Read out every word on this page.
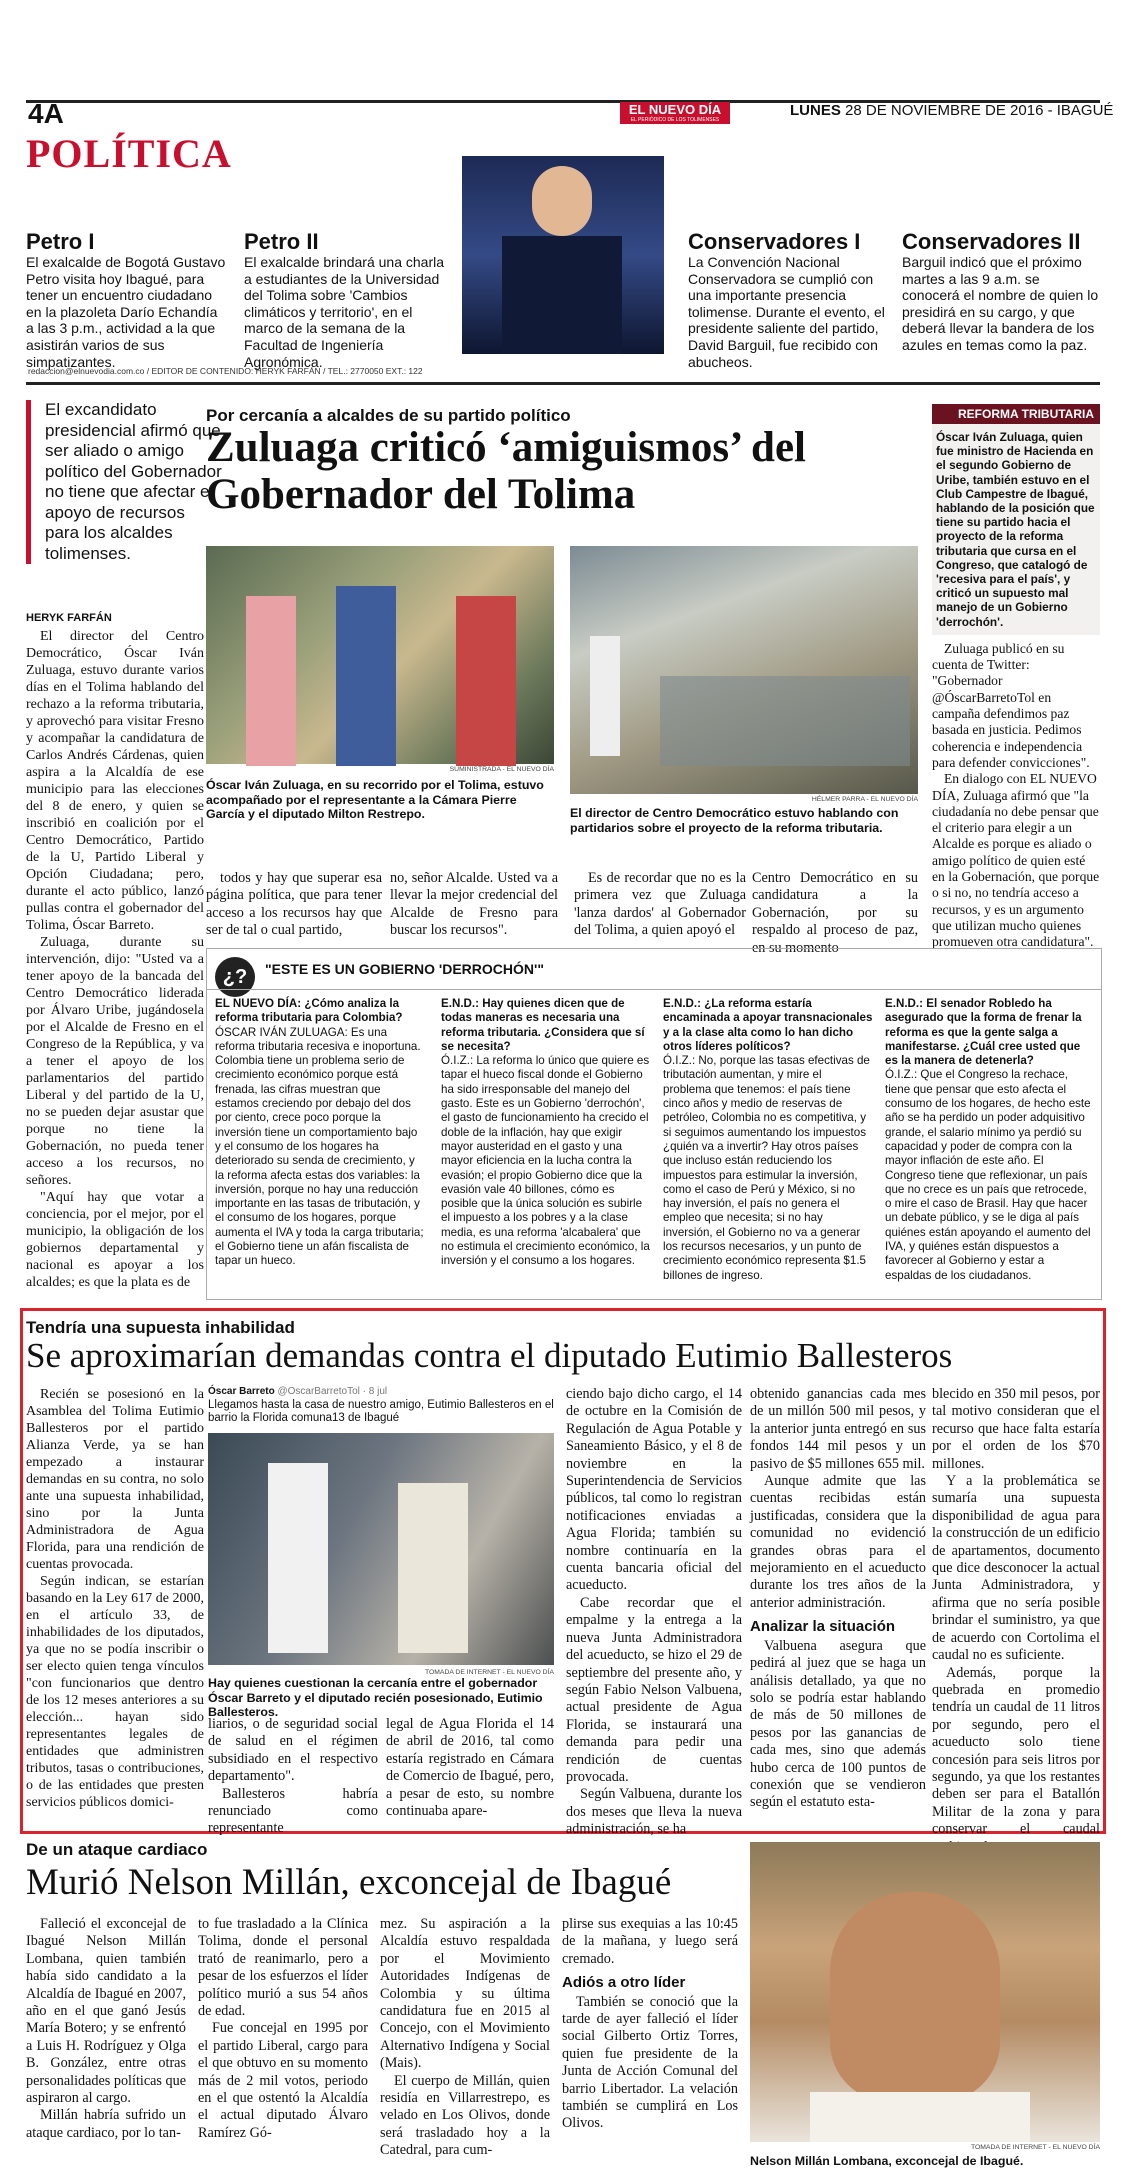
4A	EL NUEVO DÍA
EL PERIÓDICO DE LOS TOLIMENSES
LUNES 28 DE NOVIEMBRE DE 2016 - IBAGUÉ
POLÍTICA
Petro I
El exalcalde de Bogotá Gustavo Petro visita hoy Ibagué, para tener un encuentro ciudadano en la plazoleta Darío Echandía a las 3 p.m., actividad a la que asistirán varios de sus simpatizantes.
Petro II
El exalcalde brindará una charla a estudiantes de la Universidad del Tolima sobre 'Cambios climáticos y territorio', en el marco de la semana de la Facultad de Ingeniería Agronómica.
Conservadores I
La Convención Nacional Conservadora se cumplió con una importante presencia tolimense. Durante el evento, el presidente saliente del partido, David Barguil, fue recibido con abucheos.
Conservadores II
Barguil indicó que el próximo martes a las 9 a.m. se conocerá el nombre de quien lo presidirá en su cargo, y que deberá llevar la bandera de los azules en temas como la paz.
redaccion@elnuevodia.com.co / EDITOR DE CONTENIDO: HERYK FARFÁN / TEL.: 2770050 EXT.: 122
El excandidato presidencial afirmó que ser aliado o amigo político del Gobernador no tiene que afectar el apoyo de recursos para los alcaldes tolimenses.
Por cercanía a alcaldes de su partido político
Zuluaga criticó ‘amiguismos’ del Gobernador del Tolima
HERYK FARFÁN

El director del Centro Democrático, Óscar Iván Zuluaga, estuvo durante varios días en el Tolima hablando del rechazo a la reforma tributaria, y aprovechó para visitar Fresno y acompañar la candidatura de Carlos Andrés Cárdenas, quien aspira a la Alcaldía de ese municipio para las elecciones del 8 de enero, y quien se inscribió en coalición por el Centro Democrático, Partido de la U, Partido Liberal y Opción Ciudadana; pero, durante el acto público, lanzó pullas contra el gobernador del Tolima, Óscar Barreto.

Zuluaga, durante su intervención, dijo: "Usted va a tener apoyo de la bancada del Centro Democrático liderada por Álvaro Uribe, jugándosela por el Alcalde de Fresno en el Congreso de la República, y va a tener el apoyo de los parlamentarios del partido Liberal y del partido de la U, no se pueden dejar asustar que porque no tiene la Gobernación, no pueda tener acceso a los recursos, no señores.

"Aquí hay que votar a conciencia, por el mejor, por el municipio, la obligación de los gobiernos departamental y nacional es apoyar a los alcaldes; es que la plata es de

SUMINISTRADA - EL NUEVO DÍA
Óscar Iván Zuluaga, en su recorrido por el Tolima, estuvo acompañado por el representante a la Cámara Pierre García y el diputado Milton Restrepo.
HÉLMER PARRA - EL NUEVO DÍA
El director de Centro Democrático estuvo hablando con partidarios sobre el proyecto de la reforma tributaria.

todos y hay que superar esa página política, que para tener acceso a los recursos hay que ser de tal o cual partido,

no, señor Alcalde. Usted va a llevar la mejor credencial del Alcalde de Fresno para buscar los recursos".

Es de recordar que no es la primera vez que Zuluaga 'lanza dardos' al Gobernador del Tolima, a quien apoyó el

Centro Democrático en su candidatura a la Gobernación, por su respaldo al proceso de paz, en su momento

REFORMA TRIBUTARIA
Óscar Iván Zuluaga, quien fue ministro de Hacienda en el segundo Gobierno de Uribe, también estuvo en el Club Campestre de Ibagué, hablando de la posición que tiene su partido hacia el proyecto de la reforma tributaria que cursa en el Congreso, que catalogó de 'recesiva para el país', y criticó un supuesto mal manejo de un Gobierno 'derrochón'.
Zuluaga publicó en su cuenta de Twitter: "Gobernador @ÓscarBarretoTol en campaña defendimos paz basada en justicia. Pedimos coherencia e independencia para defender convicciones".
En dialogo con EL NUEVO DÍA, Zuluaga afirmó que "la ciudadanía no debe pensar que el criterio para elegir a un Alcalde es porque es aliado o amigo político de quien esté en la Gobernación, que porque o si no, no tendría acceso a recursos, y es un argumento que utilizan mucho quienes promueven otra candidatura".
¿?	"ESTE ES UN GOBIERNO 'DERROCHÓN'"
EL NUEVO DÍA: ¿Cómo analiza la reforma tributaria para Colombia?
ÓSCAR IVÁN ZULUAGA: Es una reforma tributaria recesiva e inoportuna. Colombia tiene un problema serio de crecimiento económico porque está frenada, las cifras muestran que estamos creciendo por debajo del dos por ciento, crece poco porque la inversión tiene un comportamiento bajo y el consumo de los hogares ha deteriorado su senda de crecimiento, y la reforma afecta estas dos variables: la inversión, porque no hay una reducción importante en las tasas de tributación, y el consumo de los hogares, porque aumenta el IVA y toda la carga tributaria; el Gobierno tiene un afán fiscalista de tapar un hueco.
E.N.D.: Hay quienes dicen que de todas maneras es necesaria una reforma tributaria. ¿Considera que sí se necesita?
Ó.I.Z.: La reforma lo único que quiere es tapar el hueco fiscal donde el Gobierno ha sido irresponsable del manejo del gasto. Este es un Gobierno 'derrochón', el gasto de funcionamiento ha crecido el doble de la inflación, hay que exigir mayor austeridad en el gasto y una mayor eficiencia en la lucha contra la evasión; el propio Gobierno dice que la evasión vale 40 billones, cómo es posible que la única solución es subirle el impuesto a los pobres y a la clase media, es una reforma 'alcabalera' que no estimula el crecimiento económico, la inversión y el consumo a los hogares.
E.N.D.: ¿La reforma estaría encaminada a apoyar transnacionales y a la clase alta como lo han dicho otros líderes políticos?
Ó.I.Z.: No, porque las tasas efectivas de tributación aumentan, y mire el problema que tenemos: el país tiene cinco años y medio de reservas de petróleo, Colombia no es competitiva, y si seguimos aumentando los impuestos ¿quién va a invertir? Hay otros países que incluso están reduciendo los impuestos para estimular la inversión, como el caso de Perú y México, si no hay inversión, el país no genera el empleo que necesita; si no hay inversión, el Gobierno no va a generar los recursos necesarios, y un punto de crecimiento económico representa $1.5 billones de ingreso.
E.N.D.: El senador Robledo ha asegurado que la forma de frenar la reforma es que la gente salga a manifestarse. ¿Cuál cree usted que es la manera de detenerla?
Ó.I.Z.: Que el Congreso la rechace, tiene que pensar que esto afecta el consumo de los hogares, de hecho este año se ha perdido un poder adquisitivo grande, el salario mínimo ya perdió su capacidad y poder de compra con la mayor inflación de este año. El Congreso tiene que reflexionar, un país que no crece es un país que retrocede, o mire el caso de Brasil. Hay que hacer un debate público, y se le diga al país quiénes están apoyando el aumento del IVA, y quiénes están dispuestos a favorecer al Gobierno y estar a espaldas de los ciudadanos.
Tendría una supuesta inhabilidad
Se aproximarían demandas contra el diputado Eutimio Ballesteros

Recién se posesionó en la Asamblea del Tolima Eutimio Ballesteros por el partido Alianza Verde, ya se han empezado a instaurar demandas en su contra, no solo ante una supuesta inhabilidad, sino por la Junta Administradora de Agua Florida, para una rendición de cuentas provocada.

Según indican, se estarían basando en la Ley 617 de 2000, en el artículo 33, de inhabilidades de los diputados, ya que no se podía inscribir o ser electo quien tenga vínculos "con funcionarios que dentro de los 12 meses anteriores a su elección... hayan sido representantes legales de entidades que administren tributos, tasas o contribuciones, o de las entidades que presten servicios públicos domici-

Óscar Barreto @OscarBarretoTol · 8 jul
Llegamos hasta la casa de nuestro amigo, Eutimio Ballesteros en el barrio la Florida comuna13 de Ibagué
TOMADA DE INTERNET - EL NUEVO DÍA
Hay quienes cuestionan la cercanía entre el gobernador Óscar Barreto y el diputado recién posesionado, Eutimio Ballesteros.

liarios, o de seguridad social de salud en el régimen subsidiado en el respectivo departamento".

Ballesteros habría renunciado como representante

legal de Agua Florida el 14 de abril de 2016, tal como estaría registrado en Cámara de Comercio de Ibagué, pero, a pesar de esto, su nombre continuaba apare-

ciendo bajo dicho cargo, el 14 de octubre en la Comisión de Regulación de Agua Potable y Saneamiento Básico, y el 8 de noviembre en la Superintendencia de Servicios públicos, tal como lo registran notificaciones enviadas a Agua Florida; también su nombre continuaría en la cuenta bancaria oficial del acueducto.

Cabe recordar que el empalme y la entrega a la nueva Junta Administradora del acueducto, se hizo el 29 de septiembre del presente año, y según Fabio Nelson Valbuena, actual presidente de Agua Florida, se instaurará una demanda para pedir una rendición de cuentas provocada.

Según Valbuena, durante los dos meses que lleva la nueva administración, se ha

obtenido ganancias cada mes de un millón 500 mil pesos, y la anterior junta entregó en sus fondos 144 mil pesos y un pasivo de $5 millones 655 mil.

Aunque admite que las cuentas recibidas están justificadas, considera que la comunidad no evidenció grandes obras para el mejoramiento en el acueducto durante los tres años de la anterior administración.

Analizar la situación

Valbuena asegura que pedirá al juez que se haga un análisis detallado, ya que no solo se podría estar hablando de más de 50 millones de pesos por las ganancias de cada mes, sino que además hubo cerca de 100 puntos de conexión que se vendieron según el estatuto esta-

blecido en 350 mil pesos, por tal motivo consideran que el recurso que hace falta estaría por el orden de los $70 millones.

Y a la problemática se sumaría una supuesta disponibilidad de agua para la construcción de un edificio de apartamentos, documento que dice desconocer la actual Junta Administradora, y afirma que no sería posible brindar el suministro, ya que de acuerdo con Cortolima el caudal no es suficiente.

Además, porque la quebrada en promedio tendría un caudal de 11 litros por segundo, pero el acueducto solo tiene concesión para seis litros por segundo, ya que los restantes deben ser para el Batallón Militar de la zona y para conservar el caudal

De un ataque cardiaco
Murió Nelson Millán, exconcejal de Ibagué

Falleció el exconcejal de Ibagué Nelson Millán Lombana, quien también había sido candidato a la Alcaldía de Ibagué en 2007, año en el que ganó Jesús María Botero; y se enfrentó a Luis H. Rodríguez y Olga B. González, entre otras personalidades políticas que aspiraron al cargo.

Millán habría sufrido un ataque cardiaco, por lo tan-

to fue trasladado a la Clínica Tolima, donde el personal trató de reanimarlo, pero a pesar de los esfuerzos el líder político murió a sus 54 años de edad.

Fue concejal en 1995 por el partido Liberal, cargo para el que obtuvo en su momento más de 2 mil votos, periodo en el que ostentó la Alcaldía el actual diputado Álvaro Ramírez Gó-

mez. Su aspiración a la Alcaldía estuvo respaldada por el Movimiento Autoridades Indígenas de Colombia y su última candidatura fue en 2015 al Concejo, con el Movimiento Alternativo Indígena y Social (Mais).

El cuerpo de Millán, quien residía en Villarrestrepo, es velado en Los Olivos, donde será trasladado hoy a la Catedral, para cum-

plirse sus exequias a las 10:45 de la mañana, y luego será cremado.

Adiós a otro líder

También se conoció que la tarde de ayer falleció el líder social Gilberto Ortiz Torres, quien fue presidente de la Junta de Acción Comunal del barrio Libertador. La velación también se cumplirá en Los Olivos.

TOMADA DE INTERNET - EL NUEVO DÍA
Nelson Millán Lombana, exconcejal de Ibagué.
